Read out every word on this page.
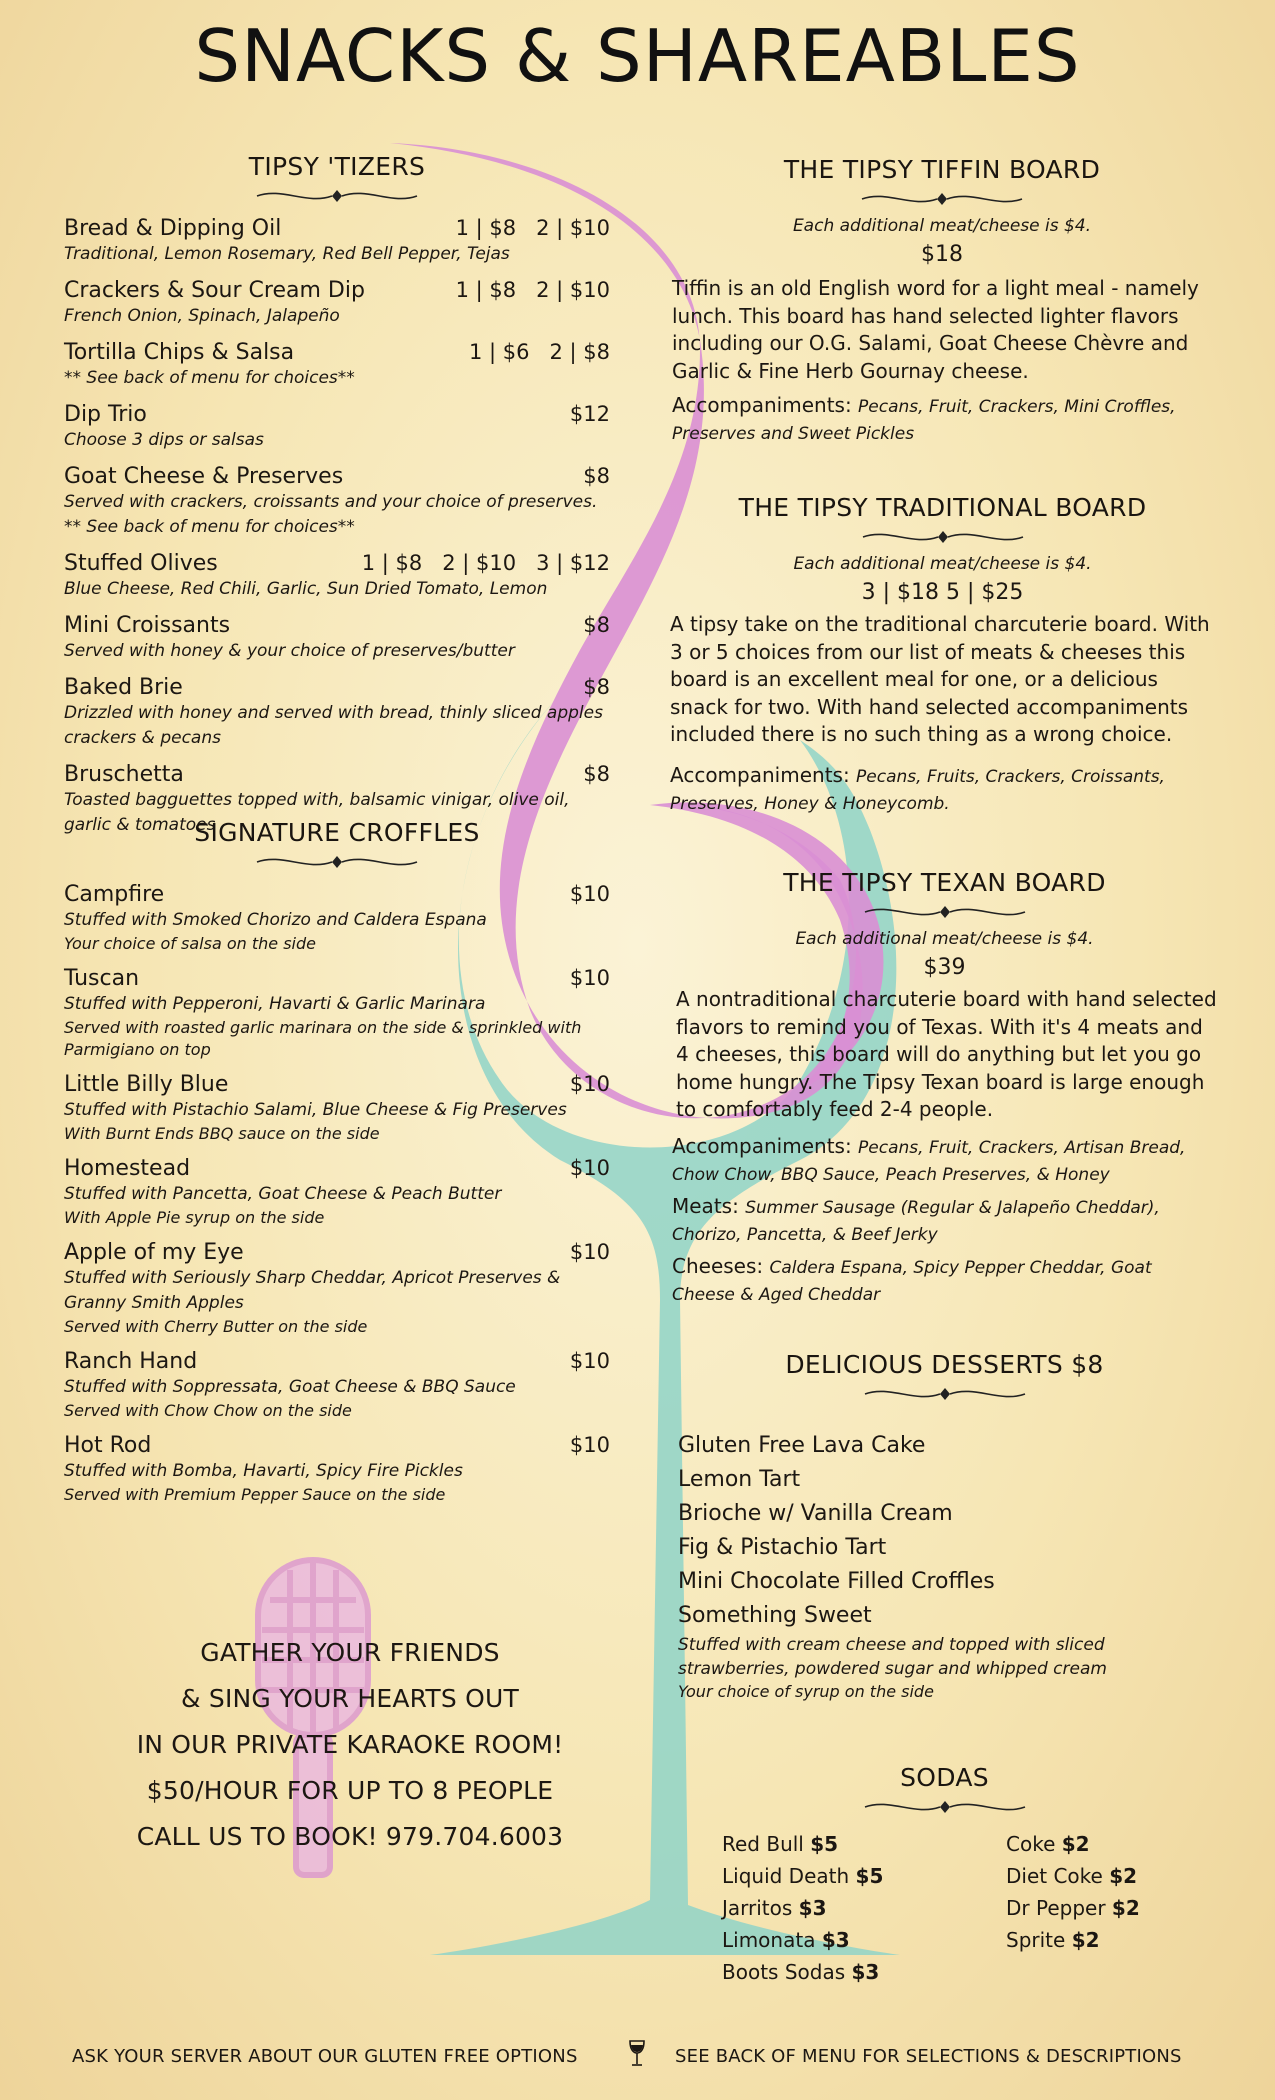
SNACKS & SHAREABLES
TIPSY 'TIZERS
Bread & Dipping Oil	1 | $8   2 | $10
Traditional, Lemon Rosemary, Red Bell Pepper, Tejas
Crackers & Sour Cream Dip	1 | $8   2 | $10
French Onion, Spinach, Jalapeño
Tortilla Chips & Salsa	1 | $6   2 | $8
** See back of menu for choices**
Dip Trio	$12
Choose 3 dips or salsas
Goat Cheese & Preserves	$8
Served with crackers, croissants and your choice of preserves. ** See back of menu for choices**
Stuffed Olives	1 | $8   2 | $10   3 | $12
Blue Cheese, Red Chili, Garlic, Sun Dried Tomato, Lemon
Mini Croissants	$8
Served with honey & your choice of preserves/butter
Baked Brie	$8
Drizzled with honey and served with bread, thinly sliced apples crackers & pecans
Bruschetta	$8
Toasted bagguettes topped with, balsamic vinigar, olive oil, garlic & tomatoes
SIGNATURE CROFFLES
Campfire	$10
Stuffed with Smoked Chorizo and Caldera Espana
Your choice of salsa on the side
Tuscan	$10
Stuffed with Pepperoni, Havarti & Garlic Marinara
Served with roasted garlic marinara on the side & sprinkled with Parmigiano on top
Little Billy Blue	$10
Stuffed with Pistachio Salami, Blue Cheese & Fig Preserves
With Burnt Ends BBQ sauce on the side
Homestead	$10
Stuffed with Pancetta, Goat Cheese & Peach Butter
With Apple Pie syrup on the side
Apple of my Eye	$10
Stuffed with Seriously Sharp Cheddar, Apricot Preserves & Granny Smith Apples
Served with Cherry Butter on the side
Ranch Hand	$10
Stuffed with Soppressata, Goat Cheese & BBQ Sauce
Served with Chow Chow on the side
Hot Rod	$10
Stuffed with Bomba, Havarti, Spicy Fire Pickles
Served with Premium Pepper Sauce on the side
GATHER YOUR FRIENDS
& SING YOUR HEARTS OUT
IN OUR PRIVATE KARAOKE ROOM!
$50/HOUR FOR UP TO 8 PEOPLE
CALL US TO BOOK! 979.704.6003
THE TIPSY TIFFIN BOARD
Each additional meat/cheese is $4.
$18
Tiffin is an old English word for a light meal - namely lunch. This board has hand selected lighter flavors including our O.G. Salami, Goat Cheese Chèvre and Garlic & Fine Herb Gournay cheese.
Accompaniments: Pecans, Fruit, Crackers, Mini Croffles, Preserves and Sweet Pickles
THE TIPSY TRADITIONAL BOARD
Each additional meat/cheese is $4.
3 | $18 5 | $25
A tipsy take on the traditional charcuterie board. With 3 or 5 choices from our list of meats & cheeses this board is an excellent meal for one, or a delicious snack for two. With hand selected accompaniments included there is no such thing as a wrong choice.
Accompaniments: Pecans, Fruits, Crackers, Croissants, Preserves, Honey & Honeycomb.
THE TIPSY TEXAN BOARD
Each additional meat/cheese is $4.
$39
A nontraditional charcuterie board with hand selected flavors to remind you of Texas. With it's 4 meats and 4 cheeses, this board will do anything but let you go home hungry. The Tipsy Texan board is large enough to comfortably feed 2-4 people.
Accompaniments: Pecans, Fruit, Crackers, Artisan Bread, Chow Chow, BBQ Sauce, Peach Preserves, & Honey
Meats: Summer Sausage (Regular & Jalapeño Cheddar), Chorizo, Pancetta, & Beef Jerky
Cheeses: Caldera Espana, Spicy Pepper Cheddar, Goat Cheese & Aged Cheddar
DELICIOUS DESSERTS $8
Gluten Free Lava Cake
Lemon Tart
Brioche w/ Vanilla Cream
Fig & Pistachio Tart
Mini Chocolate Filled Croffles
Something Sweet
Stuffed with cream cheese and topped with sliced strawberries, powdered sugar and whipped cream
Your choice of syrup on the side
SODAS
Red Bull $5
Liquid Death $5
Jarritos $3
Limonata $3
Boots Sodas $3
Coke $2
Diet Coke $2
Dr Pepper $2
Sprite $2
ASK YOUR SERVER ABOUT OUR GLUTEN FREE OPTIONS	SEE BACK OF MENU FOR SELECTIONS & DESCRIPTIONS
